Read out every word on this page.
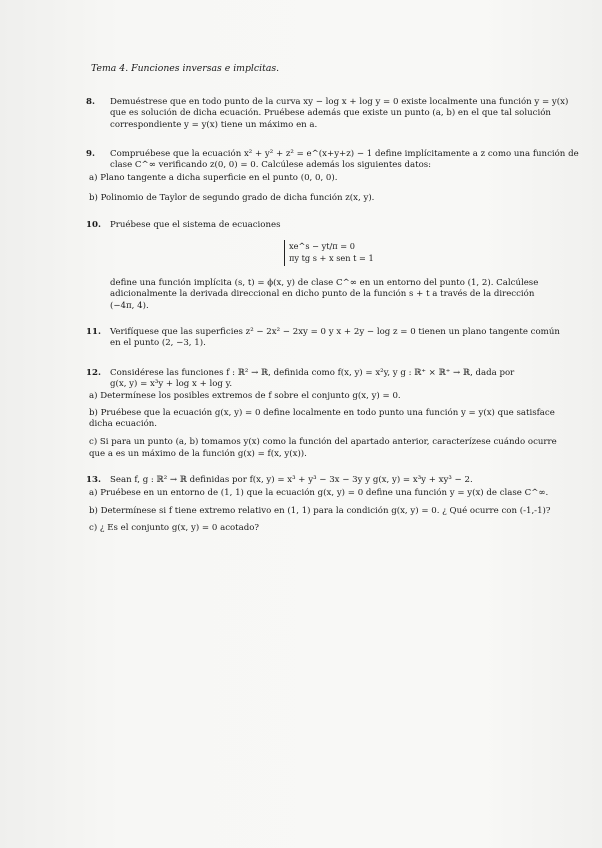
Tema 4. Funciones inversas e implcitas.
8. Demuéstrese que en todo punto de la curva xy − log x + log y = 0 existe localmente una función y = y(x)
que es solución de dicha ecuación. Pruébese además que existe un punto (a, b) en el que tal solución
correspondiente y = y(x) tiene un máximo en a.
9. Compruébese que la ecuación x² + y² + z² = e^(x+y+z) − 1 define implícitamente a z como una función de
clase C^∞ verificando z(0, 0) = 0. Calcúlese además los siguientes datos:
a) Plano tangente a dicha superficie en el punto (0, 0, 0).
b) Polinomio de Taylor de segundo grado de dicha función z(x, y).
10. Pruébese que el sistema de ecuaciones
xe^s − yt/π = 0
πy tg s + x sen t = 1
define una función implícita (s, t) = ϕ(x, y) de clase C^∞ en un entorno del punto (1, 2). Calcúlese
adicionalmente la derivada direccional en dicho punto de la función s + t a través de la dirección
(−4π, 4).
11. Verifíquese que las superficies z² − 2x² − 2xy = 0 y x + 2y − log z = 0 tienen un plano tangente común
en el punto (2, −3, 1).
12. Considérese las funciones f : ℝ² → ℝ, definida como f(x, y) = x²y, y g : ℝ⁺ × ℝ⁺ → ℝ, dada por
g(x, y) = x³y + log x + log y.
a) Determínese los posibles extremos de f sobre el conjunto g(x, y) = 0.
b) Pruébese que la ecuación g(x, y) = 0 define localmente en todo punto una función y = y(x) que satisface
dicha ecuación.
c) Si para un punto (a, b) tomamos y(x) como la función del apartado anterior, caracterízese cuándo ocurre
que a es un máximo de la función g(x) = f(x, y(x)).
13. Sean f, g : ℝ² → ℝ definidas por f(x, y) = x³ + y³ − 3x − 3y y g(x, y) = x³y + xy³ − 2.
a) Pruébese en un entorno de (1, 1) que la ecuación g(x, y) = 0 define una función y = y(x) de clase C^∞.
b) Determínese si f tiene extremo relativo en (1, 1) para la condición g(x, y) = 0. ¿ Qué ocurre con (-1,-1)?
c) ¿ Es el conjunto g(x, y) = 0 acotado?
